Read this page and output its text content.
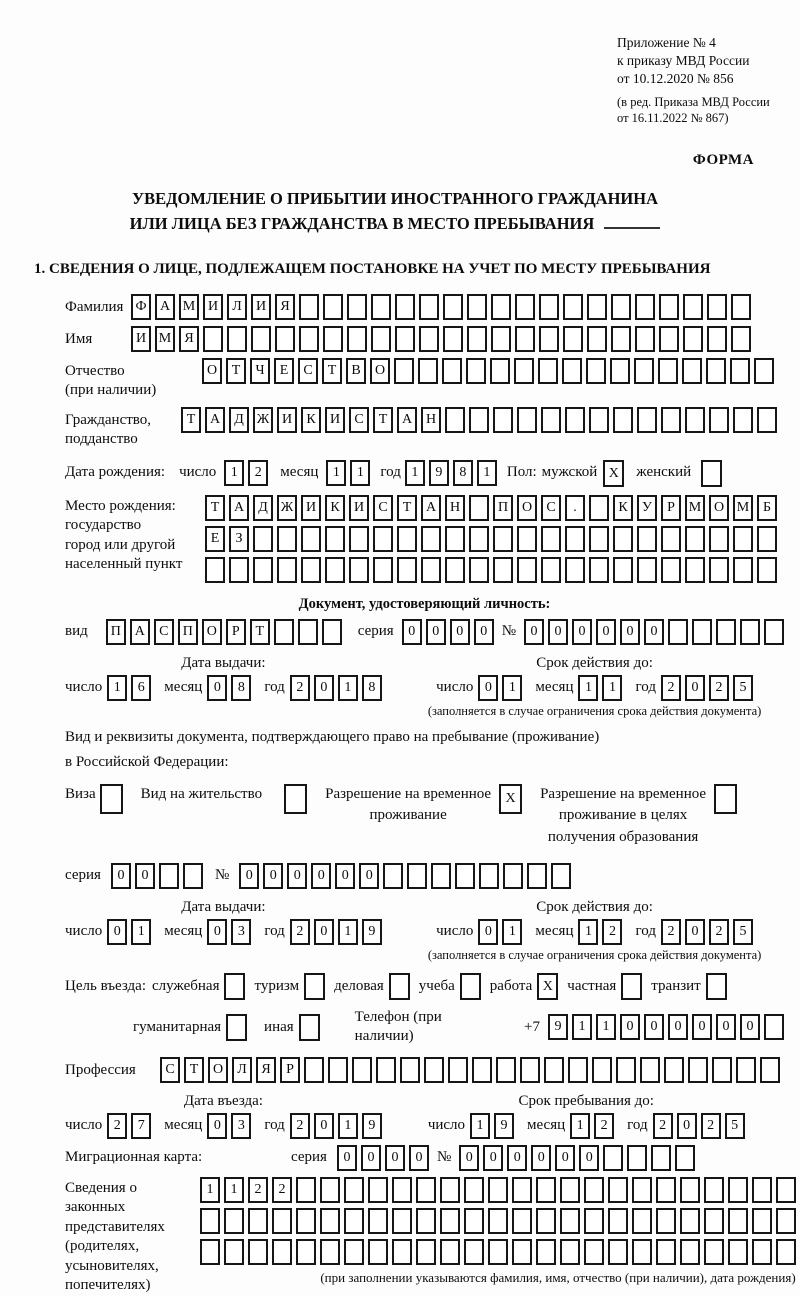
Приложение № 4
к приказу МВД России
от 10.12.2020 № 856
(в ред. Приказа МВД России
от 16.11.2022 № 867)
ФОРМА
УВЕДОМЛЕНИЕ О ПРИБЫТИИ ИНОСТРАННОГО ГРАЖДАНИНА
ИЛИ ЛИЦА БЕЗ ГРАЖДАНСТВА В МЕСТО ПРЕБЫВАНИЯ
1. СВЕДЕНИЯ О ЛИЦЕ, ПОДЛЕЖАЩЕМ ПОСТАНОВКЕ НА УЧЕТ ПО МЕСТУ ПРЕБЫВАНИЯ
Фамилия Ф А М И	Л	И	Я
Имя	И М Я
Отчество
(при наличии)
О	Т	Ч	Е	С	Т	В	О
Гражданство,
подданство
Т	А	Д Ж И	К	И	С	Т	А Н
Дата рождения: число	1	2	месяц	1	1	год 1	9	8	1	Пол: мужской X	женский
Место рождения:
государство
город или другой
населенный пункт
Т	А	Д Ж И	К	И	С	Т	А Н	П О	С	.	К	У	Р М О М Б
Е	З
Документ, удостоверяющий личность:
вид	П А	С	П О	Р	Т	серия	0	0	0	0 №	0	0	0	0	0	0
Дата выдачи:
число 1	6	месяц 0	8	год 2	0	1	8
Срок действия до:
число 0	1	месяц 1	1	год 2	0	2	5
(заполняется в случае ограничения срока действия документа)
Вид и реквизиты документа, подтверждающего право на пребывание (проживание)
в Российской Федерации:
Виза	Вид на жительство	Разрешение на временное
проживание
X	Разрешение на временное
проживание в целях
получения образования
серия	0	0	№	0	0	0	0	0	0
Дата выдачи:
число 0	1	месяц 0	3	год 2	0	1	9
Срок действия до:
число 0	1	месяц 1	2	год 2	0	2	5
(заполняется в случае ограничения срока действия документа)
Цель въезда: служебная туризм деловая учеба работа X частная транзит
гуманитарная	иная
Телефон (при наличии)
+7	9	1	1	0	0	0	0	0	0
Профессия	С	Т	О	Л	Я	Р
Дата въезда:
число 2	7	месяц 0	3	год 2	0	1	9
Срок пребывания до:
число 1	9	месяц 1	2	год 2	0	2	5
Миграционная карта:	серия	0	0	0	0 №	0	0	0	0	0	0
Сведения о
законных
представителях
(родителях,
усыновителях,
попечителях)
1	1	2	2
(при заполнении указываются фамилия, имя, отчество (при наличии), дата рождения)
